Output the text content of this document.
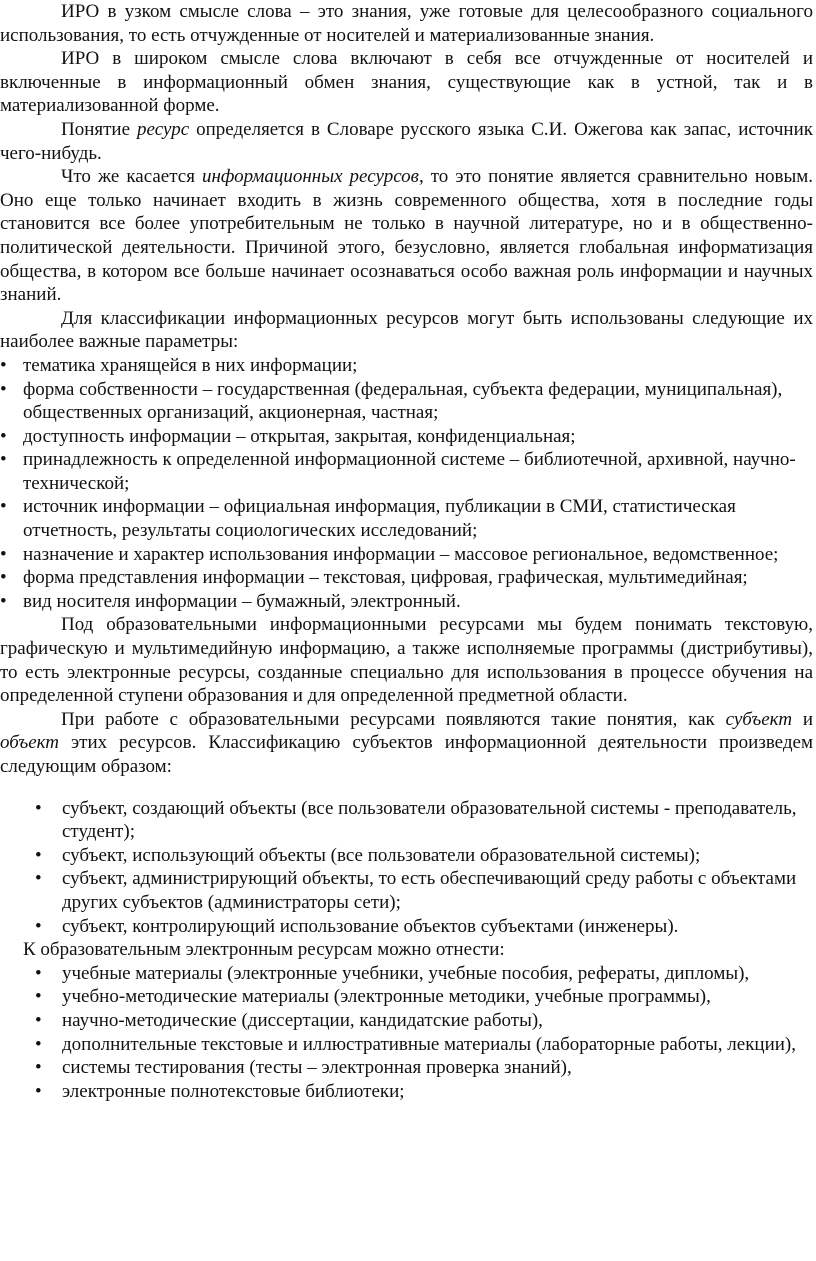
ИРО в узком смысле слова – это знания, уже готовые для целесообразного социального использования, то есть отчужденные от носителей и материализованные знания.

ИРО в широком смысле слова включают в себя все отчужденные от носителей и включенные в информационный обмен знания, существующие как в устной, так и в материализованной форме.

Понятие ресурс определяется в Словаре русского языка С.И. Ожегова как запас, источник чего-нибудь.

Что же касается информационных ресурсов, то это понятие является сравнительно новым. Оно еще только начинает входить в жизнь современного общества, хотя в последние годы становится все более употребительным не только в научной литературе, но и в общественно-политической деятельности. Причиной этого, безусловно, является глобальная информатизация общества, в котором все больше начинает осознаваться особо важная роль информации и научных знаний.

Для классификации информационных ресурсов могут быть использованы следующие их наиболее важные параметры:

• тематика хранящейся в них информации;
• форма собственности – государственная (федеральная, субъекта федерации, муниципальная), общественных организаций, акционерная, частная;
• доступность информации – открытая, закрытая, конфиденциальная;
• принадлежность к определенной информационной системе – библиотечной, архивной, научно-технической;
• источник информации – официальная информация, публикации в СМИ, статистическая отчетность, результаты социологических исследований;
• назначение и характер использования информации – массовое региональное, ведомственное;
• форма представления информации – текстовая, цифровая, графическая, мультимедийная;
• вид носителя информации – бумажный, электронный.

Под образовательными информационными ресурсами мы будем понимать текстовую, графическую и мультимедийную информацию, а также исполняемые программы (дистрибутивы), то есть электронные ресурсы, созданные специально для использования в процессе обучения на определенной ступени образования и для определенной предметной области.

При работе с образовательными ресурсами появляются такие понятия, как субъект и объект этих ресурсов. Классификацию субъектов информационной деятельности произведем следующим образом:

• субъект, создающий объекты (все пользователи образовательной системы - преподаватель, студент);
• субъект, использующий объекты (все пользователи образовательной системы);
• субъект, администрирующий объекты, то есть обеспечивающий среду работы с объектами других субъектов (администраторы сети);
• субъект, контролирующий использование объектов субъектами (инженеры).

К образовательным электронным ресурсам можно отнести:

• учебные материалы (электронные учебники, учебные пособия, рефераты, дипломы),
• учебно-методические материалы (электронные методики, учебные программы),
• научно-методические (диссертации, кандидатские работы),
• дополнительные текстовые и иллюстративные материалы (лабораторные работы, лекции),
• системы тестирования (тесты – электронная проверка знаний),
• электронные полнотекстовые библиотеки;
